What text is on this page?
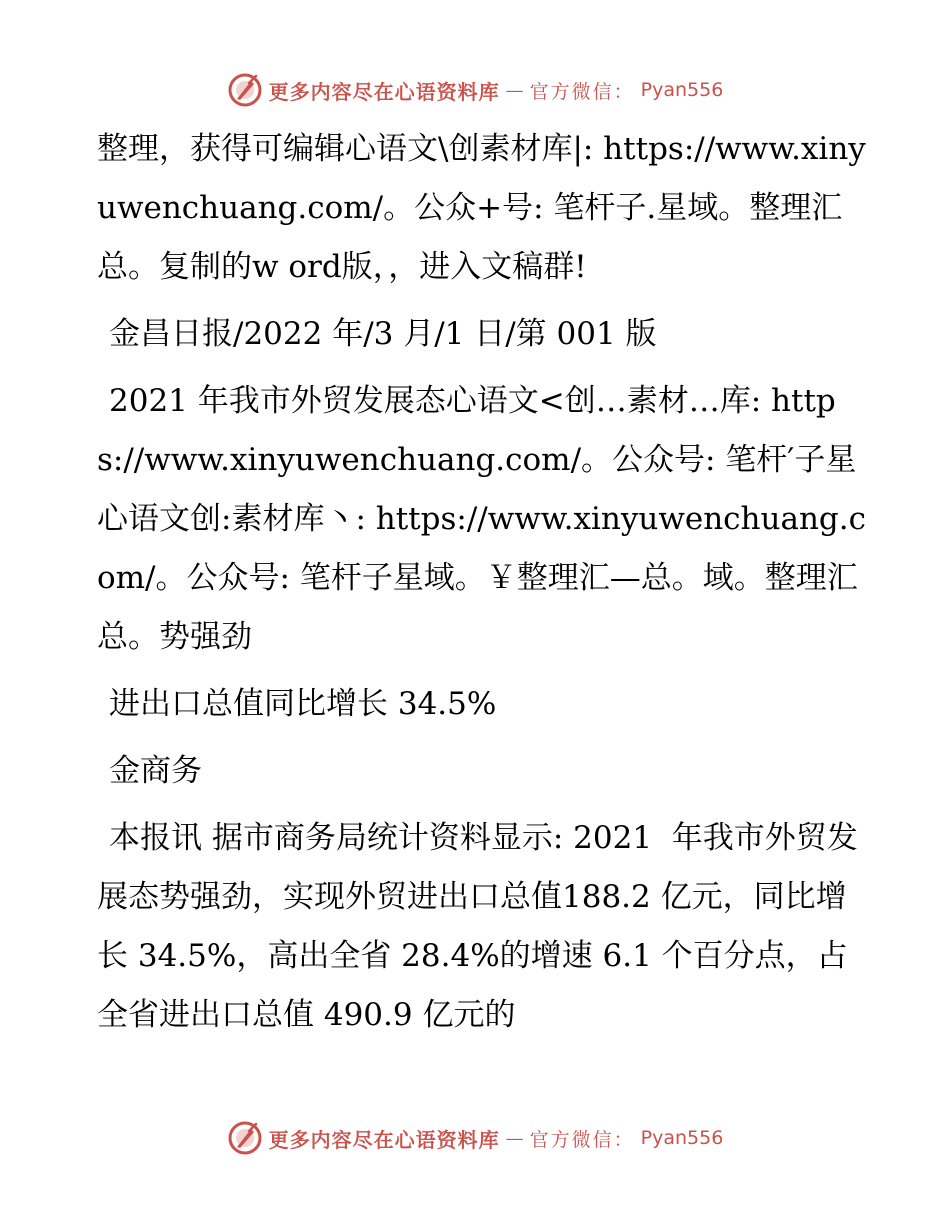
更多内容尽在心语资料库 — 官方微信： Pyan556

整理，获得可编辑心语文\创素材库|: https://www.xinyuwenchuang.com/。公众+号: 笔杆子.星域。整理汇总。复制的w ord版，，进入文稿群!

金昌日报/2022 年/3 月/1 日/第 001 版

2021 年我市外贸发展态心语文<创…素材…库: https://www.xinyuwenchuang.com/。公众号: 笔杆′子星心语文创:素材库丶: https://www.xinyuwenchuang.com/。公众号: 笔杆子星域。￥整理汇—总。域。整理汇总。势强劲

进出口总值同比增长 34.5%

金商务

本报讯 据市商务局统计资料显示: 2021  年我市外贸发展态势强劲，实现外贸进出口总值188.2 亿元，同比增长 34.5%，高出全省 28.4%的增速 6.1 个百分点，占全省进出口总值 490.9 亿元的

更多内容尽在心语资料库 — 官方微信： Pyan556
